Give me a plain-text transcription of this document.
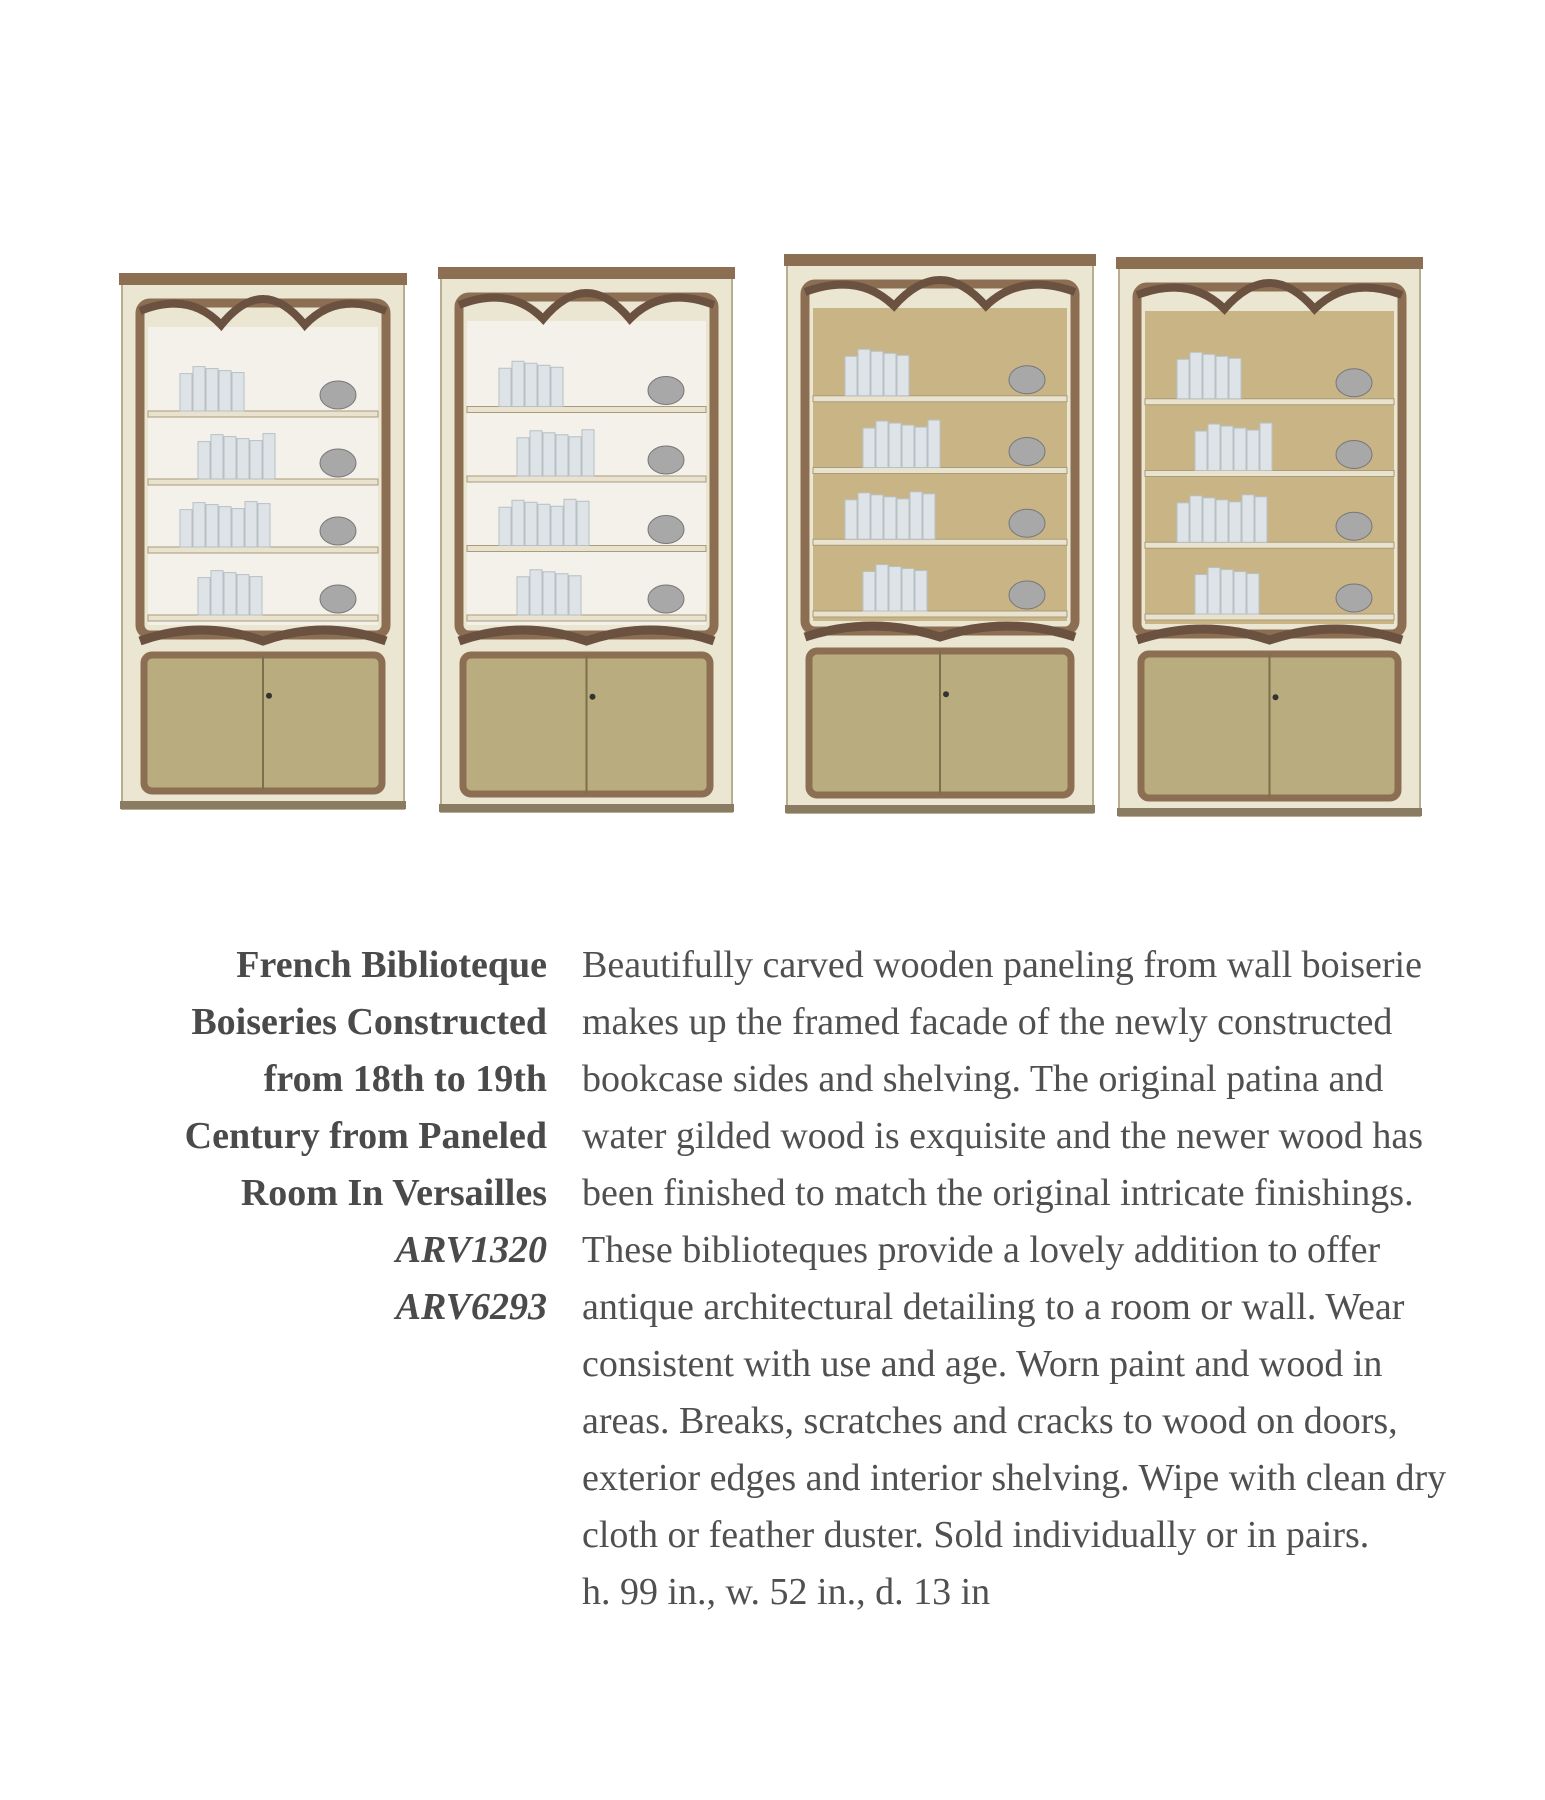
French Biblioteque
Boiseries Constructed
from 18th to 19th
Century from Paneled
Room In Versailles
ARV1320
ARV6293

Beautifully carved wooden paneling from wall boiserie makes up the framed facade of the newly constructed bookcase sides and shelving. The original patina and water gilded wood is exquisite and the newer wood has been finished to match the original intricate finishings. These biblioteques provide a lovely addition to offer antique architectural detailing to a room or wall. Wear consistent with use and age. Worn paint and wood in areas. Breaks, scratches and cracks to wood on doors, exterior edges and interior shelving. Wipe with clean dry cloth or feather duster. Sold individually or in pairs.

h. 99 in., w. 52 in., d. 13 in
